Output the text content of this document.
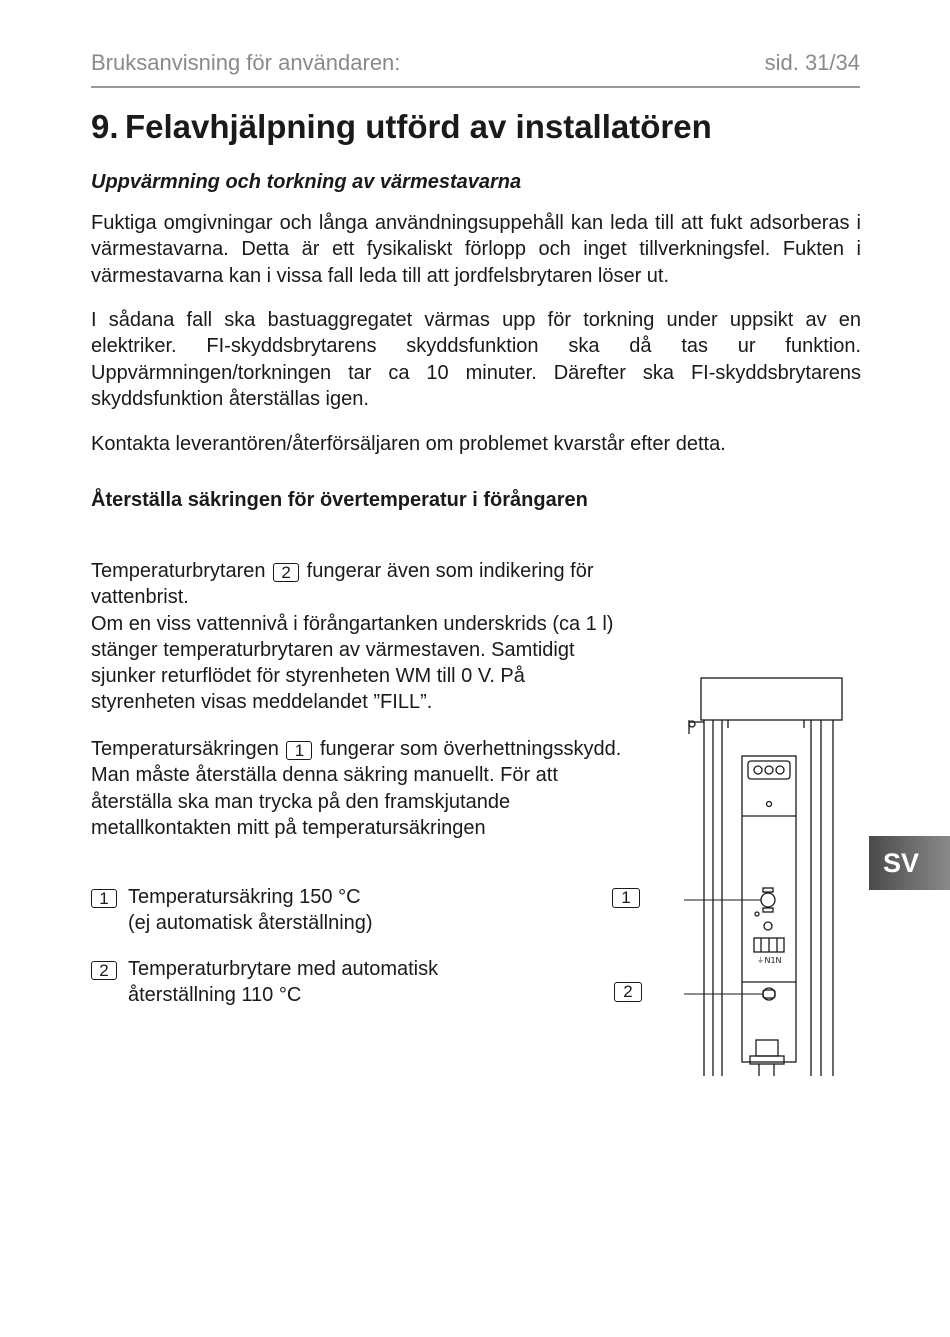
Bruksanvisning för användaren:	sid. 31/34
9. Felavhjälpning utförd av installatören
Uppvärmning och torkning av värmestavarna
Fuktiga omgivningar och långa användningsuppehåll kan leda till att fukt adsorberas i värmestavarna. Detta är ett fysikaliskt förlopp och inget tillverkningsfel. Fukten i värmestavarna kan i vissa fall leda till att jordfelsbrytaren löser ut.
I sådana fall ska bastuaggregatet värmas upp för torkning under uppsikt av en elektriker. FI-skyddsbrytarens skyddsfunktion ska då tas ur funktion. Uppvärmningen/torkningen tar ca 10 minuter. Därefter ska FI-skyddsbrytarens skyddsfunktion återställas igen.
Kontakta leverantören/återförsäljaren om problemet kvarstår efter detta.
Återställa säkringen för övertemperatur i förångaren
Temperaturbrytaren 2 fungerar även som indikering för vattenbrist.
Om en viss vattennivå i förångartanken underskrids (ca 1 l) stänger temperaturbrytaren av värmestaven. Samtidigt sjunker returflödet för styrenheten WM till 0 V. På styrenheten visas meddelandet ”FILL”.
Temperatursäkringen 1 fungerar som överhettningsskydd. Man måste återställa denna säkring manuellt. För att återställa ska man trycka på den framskjutande metallkontakten mitt på temperatursäkringen
1 Temperatursäkring 150 °C
(ej automatisk återställning)
2 Temperaturbrytare med automatisk
återställning 110 °C
1
2
⏚N1N
SV
